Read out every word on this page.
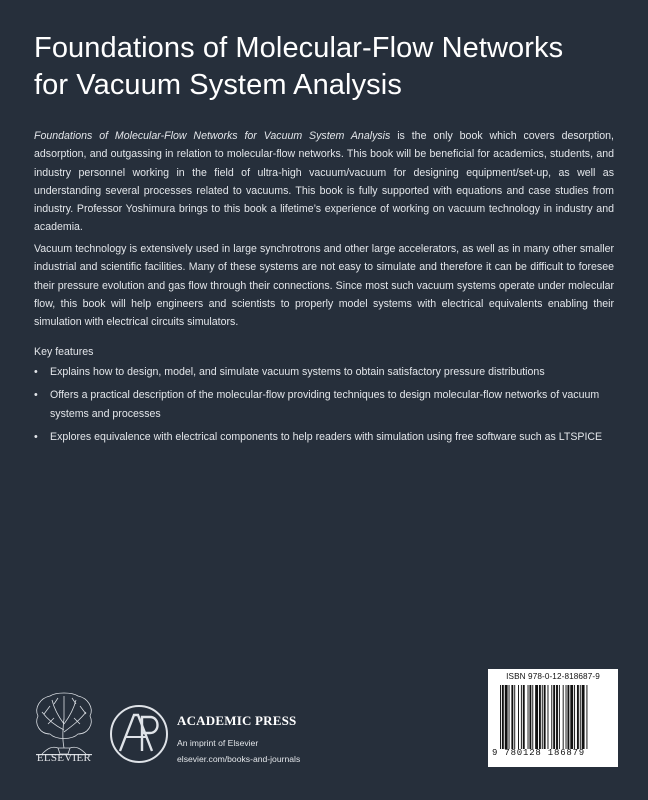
Foundations of Molecular-Flow Networks
for Vacuum System Analysis
Foundations of Molecular-Flow Networks for Vacuum System Analysis is the only book which covers desorption, adsorption, and outgassing in relation to molecular-flow networks. This book will be beneficial for academics, students, and industry personnel working in the field of ultra-high vacuum/vacuum for designing equipment/set-up, as well as understanding several processes related to vacuums. This book is fully supported with equations and case studies from industry. Professor Yoshimura brings to this book a lifetime’s experience of working on vacuum technology in industry and academia.
Vacuum technology is extensively used in large synchrotrons and other large accelerators, as well as in many other smaller industrial and scientific facilities. Many of these systems are not easy to simulate and therefore it can be difficult to foresee their pressure evolution and gas flow through their connections. Since most such vacuum systems operate under molecular flow, this book will help engineers and scientists to properly model systems with electrical equivalents enabling their simulation with electrical circuits simulators.
Key features
• Explains how to design, model, and simulate vacuum systems to obtain satisfactory pressure distributions
• Offers a practical description of the molecular-flow providing techniques to design molecular-flow networks of vacuum systems and processes
• Explores equivalence with electrical components to help readers with simulation using free software such as LTSPICE
ELSEVIER
ACADEMIC PRESS
An imprint of Elsevier
elsevier.com/books-and-journals
ISBN 978-0-12-818687-9
9 780128 186879
